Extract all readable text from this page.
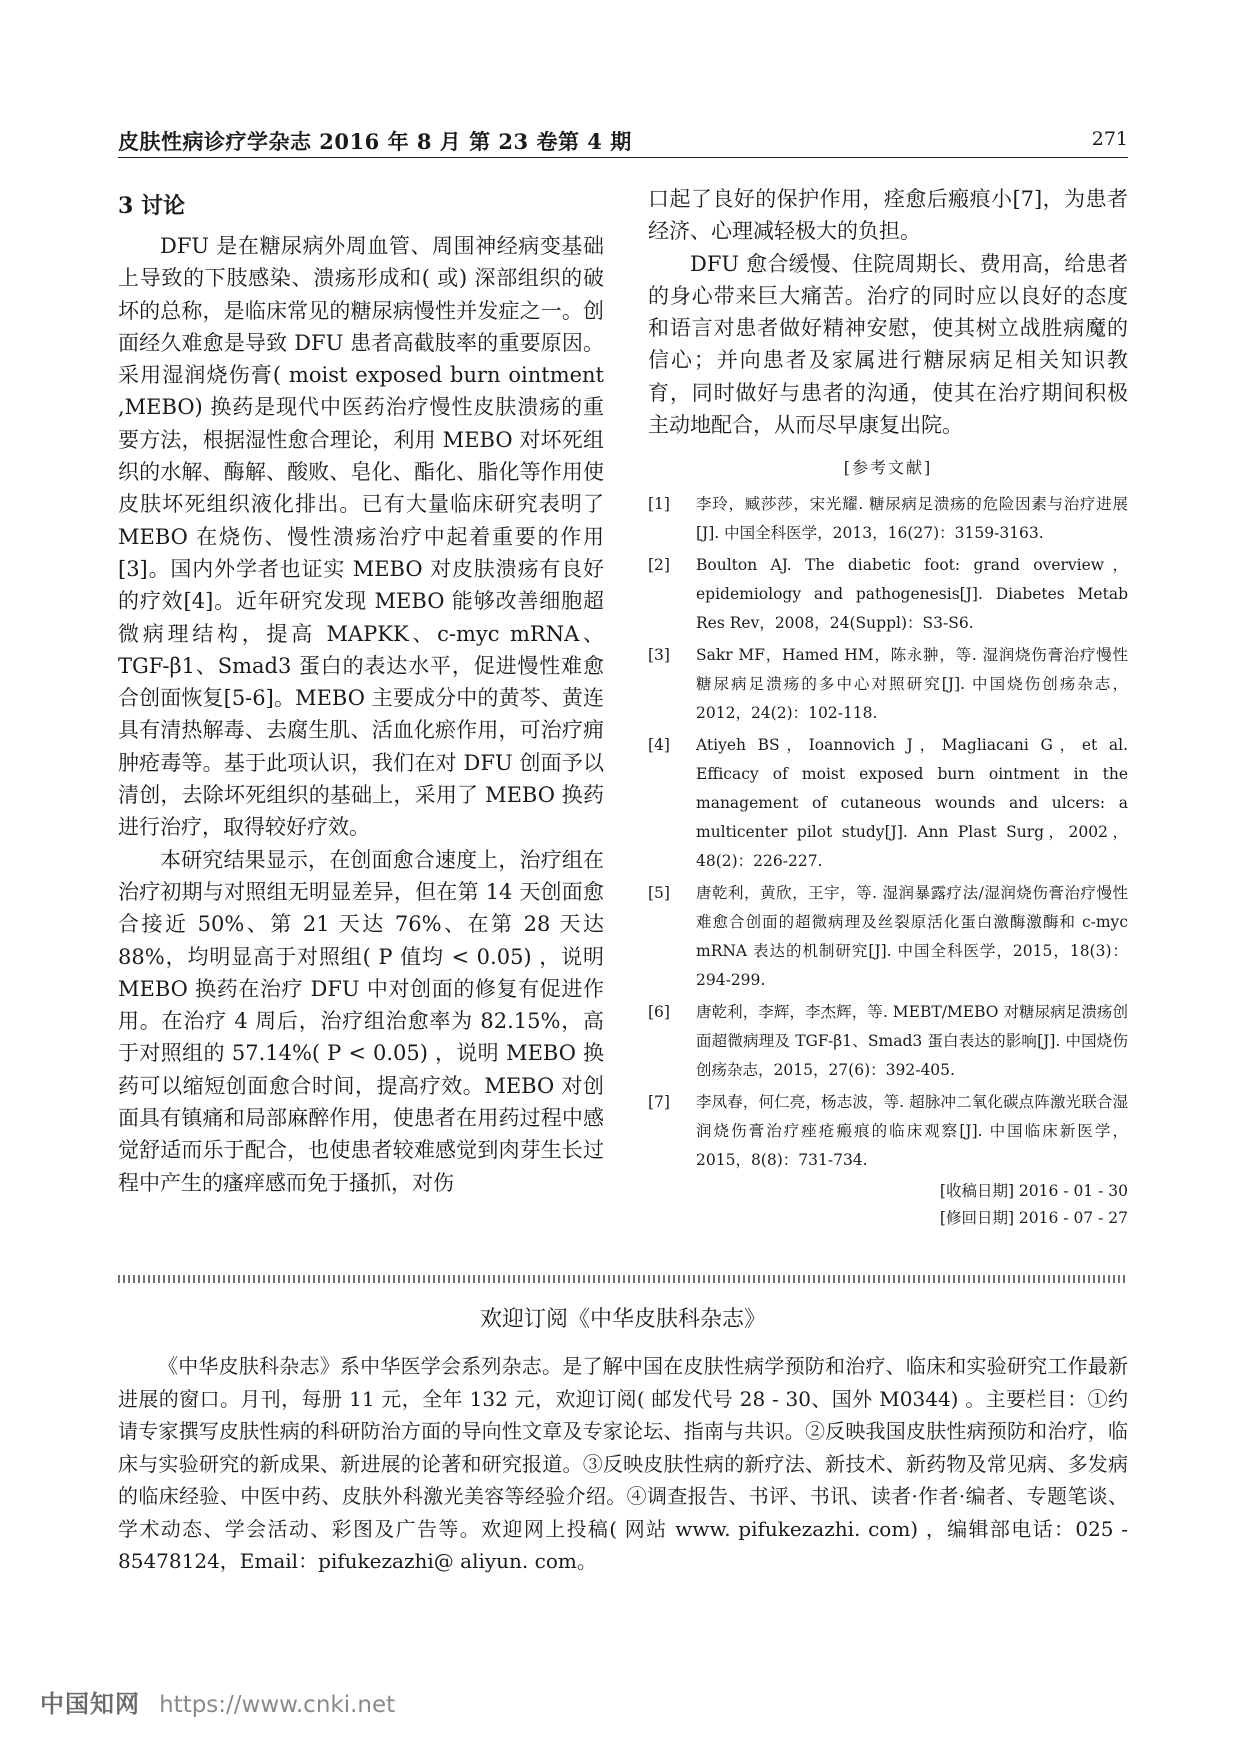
皮肤性病诊疗学杂志 2016 年 8 月 第 23 卷第 4 期	271
3 讨论

DFU 是在糖尿病外周血管、周围神经病变基础上导致的下肢感染、溃疡形成和( 或) 深部组织的破坏的总称，是临床常见的糖尿病慢性并发症之一。创面经久难愈是导致 DFU 患者高截肢率的重要原因。采用湿润烧伤膏( moist exposed burn ointment ,MEBO) 换药是现代中医药治疗慢性皮肤溃疡的重要方法，根据湿性愈合理论，利用 MEBO 对坏死组织的水解、酶解、酸败、皂化、酯化、脂化等作用使皮肤坏死组织液化排出。已有大量临床研究表明了 MEBO 在烧伤、慢性溃疡治疗中起着重要的作用[3]。国内外学者也证实 MEBO 对皮肤溃疡有良好的疗效[4]。近年研究发现 MEBO 能够改善细胞超微病理结构，提高 MAPKK、c-myc mRNA、TGF-β1、Smad3 蛋白的表达水平，促进慢性难愈合创面恢复[5-6]。MEBO 主要成分中的黄芩、黄连具有清热解毒、去腐生肌、活血化瘀作用，可治疗痈肿疮毒等。基于此项认识，我们在对 DFU 创面予以清创，去除坏死组织的基础上，采用了 MEBO 换药进行治疗，取得较好疗效。

本研究结果显示，在创面愈合速度上，治疗组在治疗初期与对照组无明显差异，但在第 14 天创面愈合接近 50%、第 21 天达 76%、在第 28 天达 88%，均明显高于对照组( P 值均 < 0.05) ，说明 MEBO 换药在治疗 DFU 中对创面的修复有促进作用。在治疗 4 周后，治疗组治愈率为 82.15%，高于对照组的 57.14%( P < 0.05) ，说明 MEBO 换药可以缩短创面愈合时间，提高疗效。MEBO 对创面具有镇痛和局部麻醉作用，使患者在用药过程中感觉舒适而乐于配合，也使患者较难感觉到肉芽生长过程中产生的瘙痒感而免于搔抓，对伤

口起了良好的保护作用，痊愈后瘢痕小[7]，为患者经济、心理减轻极大的负担。

DFU 愈合缓慢、住院周期长、费用高，给患者的身心带来巨大痛苦。治疗的同时应以良好的态度和语言对患者做好精神安慰，使其树立战胜病魔的信心；并向患者及家属进行糖尿病足相关知识教育，同时做好与患者的沟通，使其在治疗期间积极主动地配合，从而尽早康复出院。

[参考文献]
[1] 李玲，臧莎莎，宋光耀. 糖尿病足溃疡的危险因素与治疗进展[J]. 中国全科医学，2013，16(27)：3159-3163.
[2] Boulton AJ. The diabetic foot: grand overview，epidemiology and pathogenesis[J]. Diabetes Metab Res Rev，2008，24(Suppl)：S3-S6.
[3] Sakr MF，Hamed HM，陈永翀，等. 湿润烧伤膏治疗慢性糖尿病足溃疡的多中心对照研究[J]. 中国烧伤创疡杂志，2012，24(2)：102-118.
[4] Atiyeh BS，Ioannovich J，Magliacani G，et al. Efficacy of moist exposed burn ointment in the management of cutaneous wounds and ulcers: a multicenter pilot study[J]. Ann Plast Surg，2002，48(2)：226-227.
[5] 唐乾利，黄欣，王宇，等. 湿润暴露疗法/湿润烧伤膏治疗慢性难愈合创面的超微病理及丝裂原活化蛋白激酶激酶和 c-myc mRNA 表达的机制研究[J]. 中国全科医学，2015，18(3)：294-299.
[6] 唐乾利，李辉，李杰辉，等. MEBT/MEBO 对糖尿病足溃疡创面超微病理及 TGF-β1、Smad3 蛋白表达的影响[J]. 中国烧伤创疡杂志，2015，27(6)：392-405.
[7] 李凤春，何仁亮，杨志波，等. 超脉冲二氧化碳点阵激光联合湿润烧伤膏治疗痤疮瘢痕的临床观察[J]. 中国临床新医学，2015，8(8)：731-734.
[收稿日期] 2016 - 01 - 30
[修回日期] 2016 - 07 - 27
欢迎订阅《中华皮肤科杂志》
《中华皮肤科杂志》系中华医学会系列杂志。是了解中国在皮肤性病学预防和治疗、临床和实验研究工作最新进展的窗口。月刊，每册 11 元，全年 132 元，欢迎订阅( 邮发代号 28 - 30、国外 M0344) 。主要栏目：①约请专家撰写皮肤性病的科研防治方面的导向性文章及专家论坛、指南与共识。②反映我国皮肤性病预防和治疗，临床与实验研究的新成果、新进展的论著和研究报道。③反映皮肤性病的新疗法、新技术、新药物及常见病、多发病的临床经验、中医中药、皮肤外科激光美容等经验介绍。④调查报告、书评、书讯、读者·作者·编者、专题笔谈、学术动态、学会活动、彩图及广告等。欢迎网上投稿( 网站 www. pifukezazhi. com) ，编辑部电话：025 - 85478124，Email：pifukezazhi@ aliyun. com。
中国知网 https://www.cnki.net
